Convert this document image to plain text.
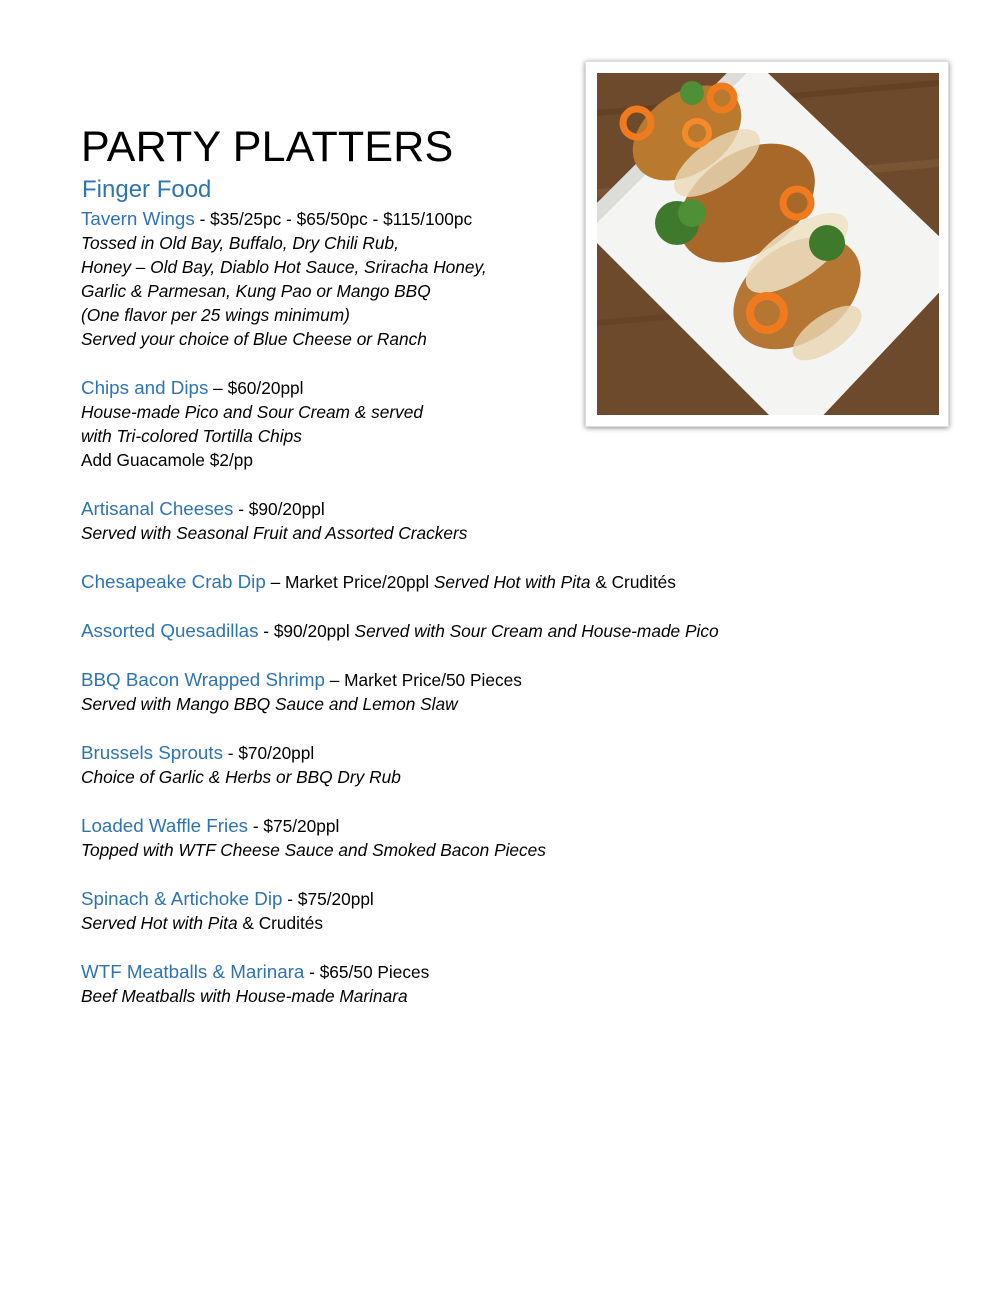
PARTY PLATTERS
Finger Food
Tavern Wings - $35/25pc - $65/50pc - $115/100pc
Tossed in Old Bay, Buffalo, Dry Chili Rub,
Honey – Old Bay, Diablo Hot Sauce, Sriracha Honey,
Garlic & Parmesan, Kung Pao or Mango BBQ
(One flavor per 25 wings minimum)
Served your choice of Blue Cheese or Ranch
Chips and Dips – $60/20ppl
House-made Pico and Sour Cream & served
with Tri-colored Tortilla Chips
Add Guacamole $2/pp
Artisanal Cheeses - $90/20ppl
Served with Seasonal Fruit and Assorted Crackers
Chesapeake Crab Dip – Market Price/20ppl Served Hot with Pita & Crudités
Assorted Quesadillas - $90/20ppl Served with Sour Cream and House-made Pico
BBQ Bacon Wrapped Shrimp – Market Price/50 Pieces
Served with Mango BBQ Sauce and Lemon Slaw
Brussels Sprouts - $70/20ppl
Choice of Garlic & Herbs or BBQ Dry Rub
Loaded Waffle Fries - $75/20ppl
Topped with WTF Cheese Sauce and Smoked Bacon Pieces
Spinach & Artichoke Dip - $75/20ppl
Served Hot with Pita & Crudités
WTF Meatballs & Marinara - $65/50 Pieces
Beef Meatballs with House-made Marinara
